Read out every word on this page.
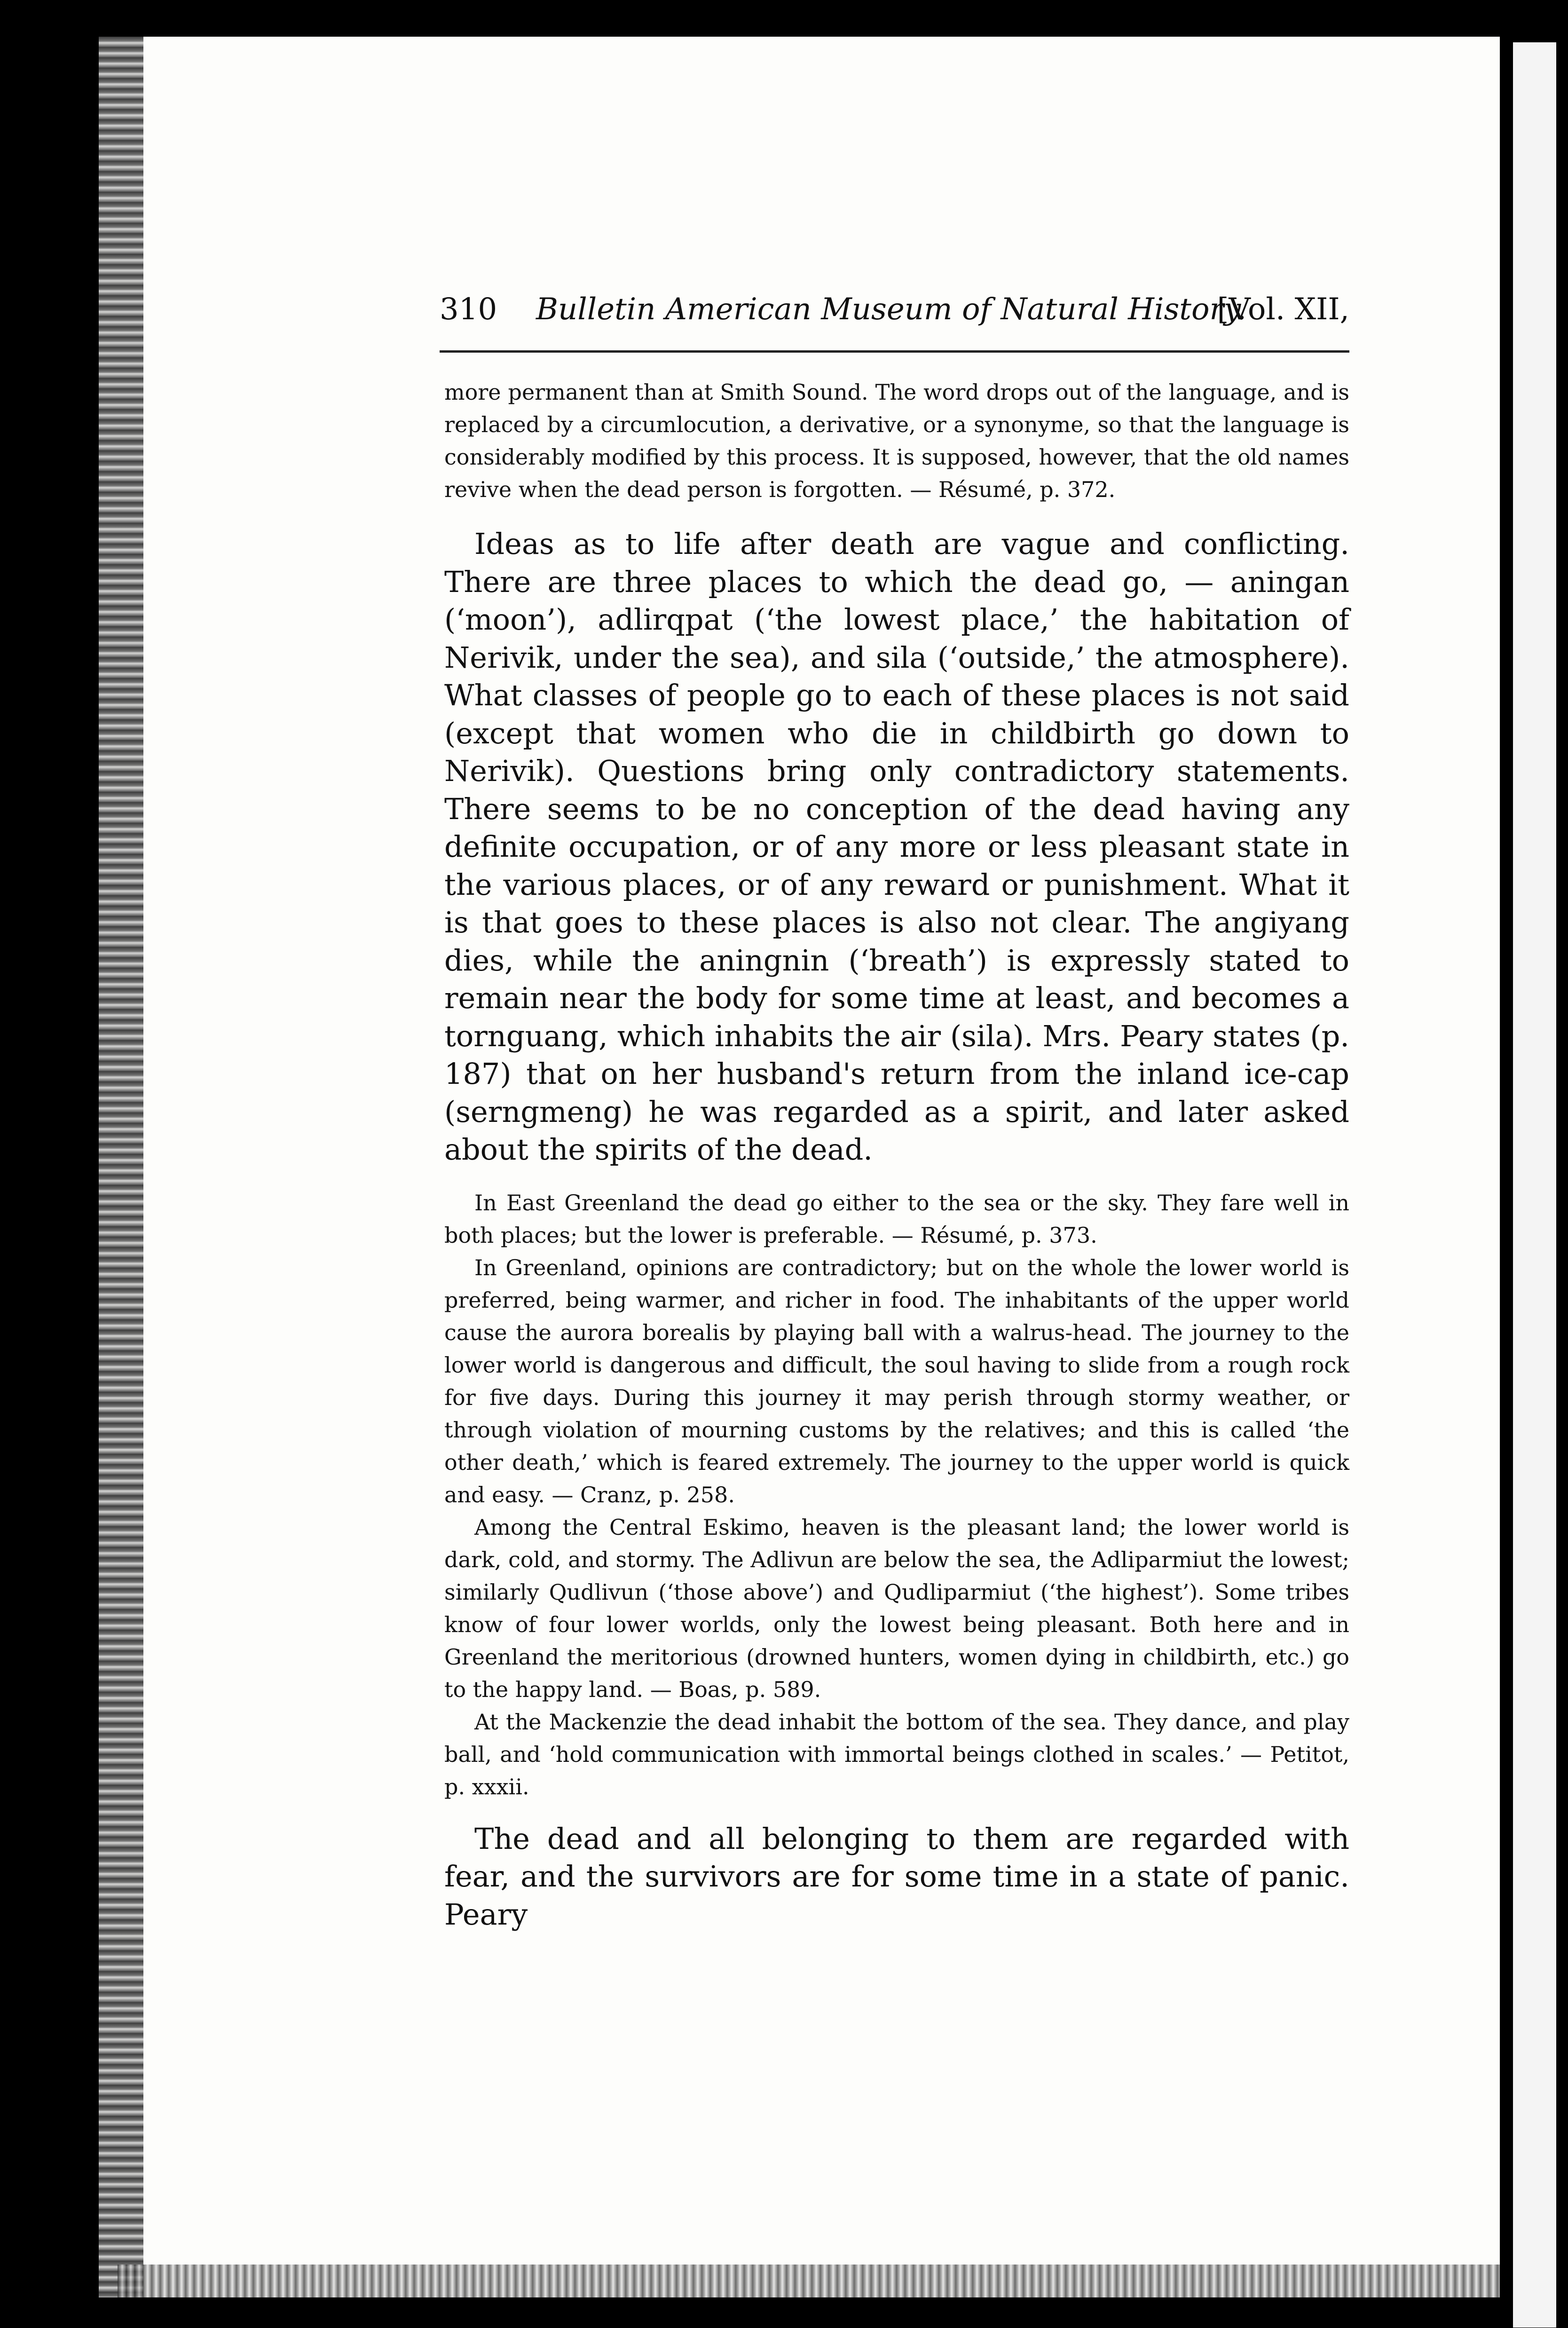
310 Bulletin American Museum of Natural History.
[Vol. XII,

more permanent than at Smith Sound. The word drops out of the language, and is replaced by a circumlocution, a derivative, or a synonyme, so that the language is considerably modified by this process. It is supposed, however, that the old names revive when the dead person is forgotten. — Résumé, p. 372.

Ideas as to life after death are vague and conflicting. There are three places to which the dead go, — aningan (‘moon’), adlirqpat (‘the lowest place,’ the habitation of Nerivik, under the sea), and sila (‘outside,’ the atmosphere). What classes of people go to each of these places is not said (except that women who die in childbirth go down to Nerivik). Questions bring only contradictory statements. There seems to be no conception of the dead having any definite occupation, or of any more or less pleasant state in the various places, or of any reward or punishment. What it is that goes to these places is also not clear. The angiyang dies, while the aningnin (‘breath’) is expressly stated to remain near the body for some time at least, and becomes a tornguang, which inhabits the air (sila). Mrs. Peary states (p. 187) that on her husband's return from the inland ice-cap (serngmeng) he was regarded as a spirit, and later asked about the spirits of the dead.

In East Greenland the dead go either to the sea or the sky. They fare well in both places; but the lower is preferable. — Résumé, p. 373.

In Greenland, opinions are contradictory; but on the whole the lower world is preferred, being warmer, and richer in food. The inhabitants of the upper world cause the aurora borealis by playing ball with a walrus-head. The journey to the lower world is dangerous and difficult, the soul having to slide from a rough rock for five days. During this journey it may perish through stormy weather, or through violation of mourning customs by the relatives; and this is called ‘the other death,’ which is feared extremely. The journey to the upper world is quick and easy. — Cranz, p. 258.

Among the Central Eskimo, heaven is the pleasant land; the lower world is dark, cold, and stormy. The Adlivun are below the sea, the Adliparmiut the lowest; similarly Qudlivun (‘those above’) and Qudliparmiut (‘the highest’). Some tribes know of four lower worlds, only the lowest being pleasant. Both here and in Greenland the meritorious (drowned hunters, women dying in childbirth, etc.) go to the happy land. — Boas, p. 589.

At the Mackenzie the dead inhabit the bottom of the sea. They dance, and play ball, and ‘hold communication with immortal beings clothed in scales.’ — Petitot, p. xxxii.

The dead and all belonging to them are regarded with fear, and the survivors are for some time in a state of panic. Peary
